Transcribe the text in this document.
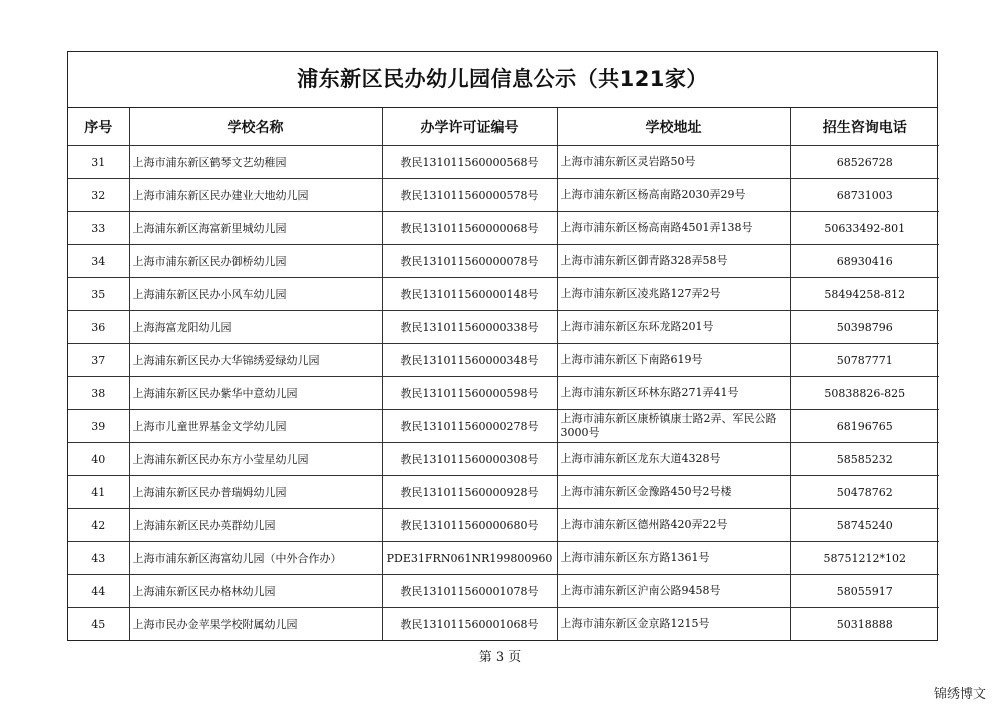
浦东新区民办幼儿园信息公示（共121家）
序号	学校名称	办学许可证编号	学校地址	招生咨询电话
31	上海市浦东新区鹤琴文艺幼稚园	教民131011560000568号	上海市浦东新区灵岩路50号	68526728
32	上海市浦东新区民办建业大地幼儿园	教民131011560000578号	上海市浦东新区杨高南路2030弄29号	68731003
33	上海浦东新区海富新里城幼儿园	教民131011560000068号	上海市浦东新区杨高南路4501弄138号	50633492-801
34	上海市浦东新区民办御桥幼儿园	教民131011560000078号	上海市浦东新区御青路328弄58号	68930416
35	上海浦东新区民办小风车幼儿园	教民131011560000148号	上海市浦东新区凌兆路127弄2号	58494258-812
36	上海海富龙阳幼儿园	教民131011560000338号	上海市浦东新区东环龙路201号	50398796
37	上海浦东新区民办大华锦绣爱绿幼儿园	教民131011560000348号	上海市浦东新区下南路619号	50787771
38	上海浦东新区民办紫华中意幼儿园	教民131011560000598号	上海市浦东新区环林东路271弄41号	50838826-825
39	上海市儿童世界基金文学幼儿园	教民131011560000278号	上海市浦东新区康桥镇康士路2弄、军民公路3000号	68196765
40	上海浦东新区民办东方小莹星幼儿园	教民131011560000308号	上海市浦东新区龙东大道4328号	58585232
41	上海浦东新区民办普瑞姆幼儿园	教民131011560000928号	上海市浦东新区金豫路450号2号楼	50478762
42	上海浦东新区民办英群幼儿园	教民131011560000680号	上海市浦东新区德州路420弄22号	58745240
43	上海市浦东新区海富幼儿园（中外合作办）	PDE31FRN061NR199800960	上海市浦东新区东方路1361号	58751212*102
44	上海浦东新区民办格林幼儿园	教民131011560001078号	上海市浦东新区沪南公路9458号	58055917
45	上海市民办金苹果学校附属幼儿园	教民131011560001068号	上海市浦东新区金京路1215号	50318888
第 3 页
锦绣博文
